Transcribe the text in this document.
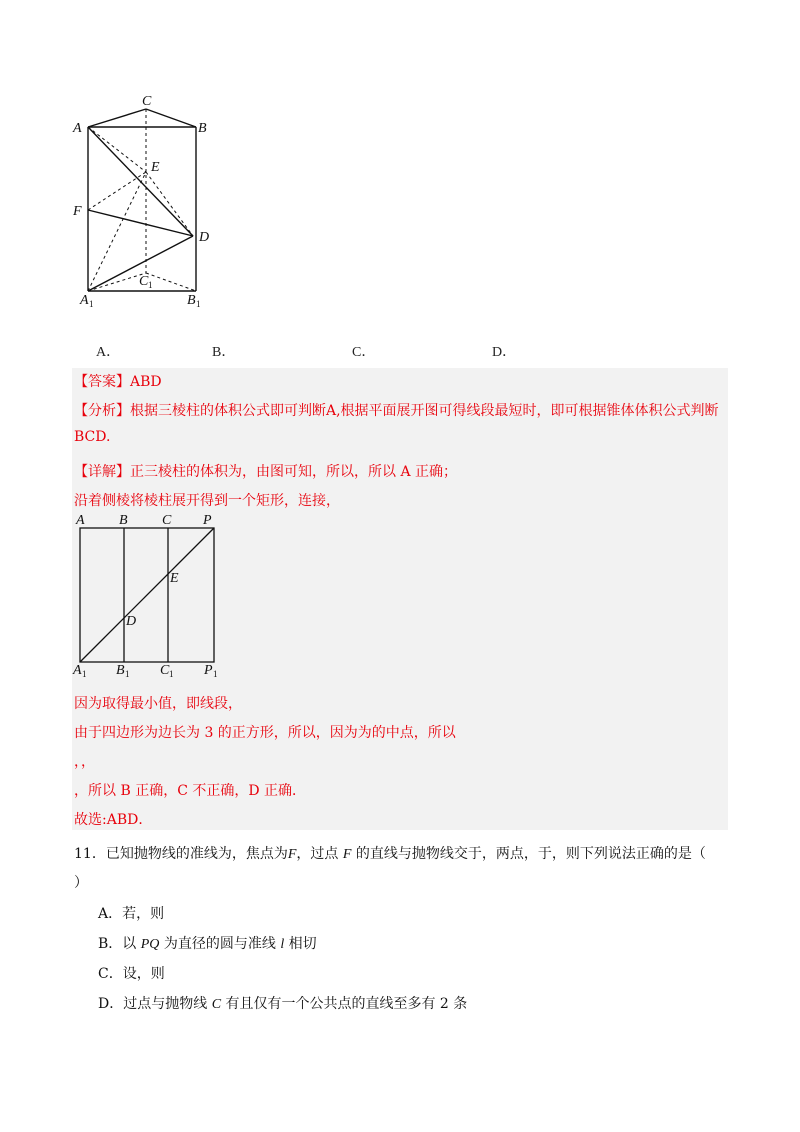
C
A	B
E
F
D
A 1
C 1
B 1
A．	B．	C．	D．
【答案】ABD
【分析】根据三棱柱的体积公式即可判断A,根据平面展开图可得线段最短时，即可根据锥体体积公式判断
BCD.
【详解】正三棱柱的体积为，由图可知，所以，所以 A 正确；
沿着侧棱将棱柱展开得到一个矩形，连接，
A B C P
E
D
A 1 B 1 C 1 P 1
因为取得最小值，即线段，
由于四边形为边长为 3 的正方形，所以，因为为的中点，所以
，，
，所以 B 正确，C 不正确，D 正确．
故选:ABD．
11．已知抛物线的准线为，焦点为F，过点 F 的直线与抛物线交于，两点，于，则下列说法正确的是（
）
A．若，则
B．以 PQ 为直径的圆与准线 l 相切
C．设，则
D．过点与抛物线 C 有且仅有一个公共点的直线至多有 2 条
